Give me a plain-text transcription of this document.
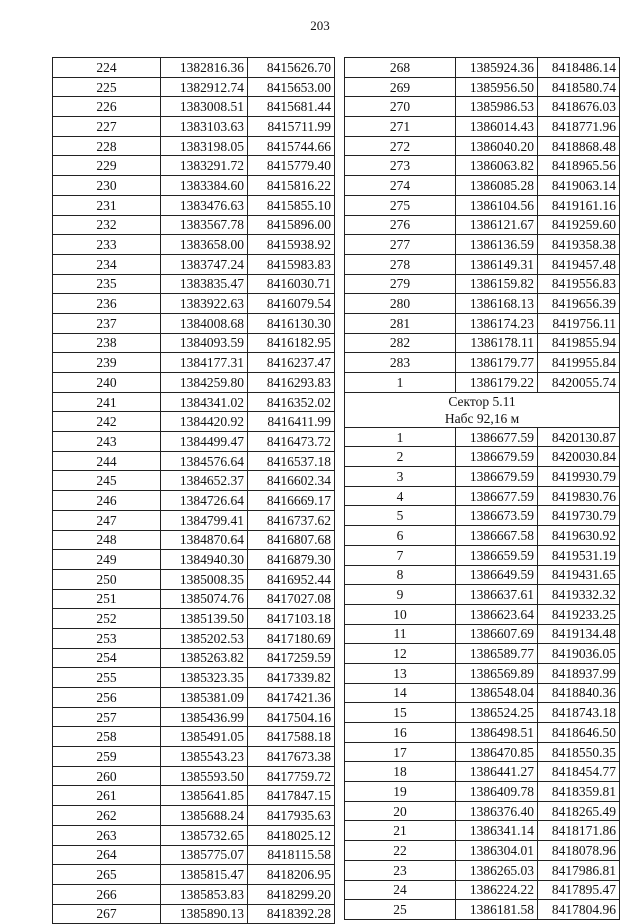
203
224	1382816.36	8415626.70
225	1382912.74	8415653.00
226	1383008.51	8415681.44
227	1383103.63	8415711.99
228	1383198.05	8415744.66
229	1383291.72	8415779.40
230	1383384.60	8415816.22
231	1383476.63	8415855.10
232	1383567.78	8415896.00
233	1383658.00	8415938.92
234	1383747.24	8415983.83
235	1383835.47	8416030.71
236	1383922.63	8416079.54
237	1384008.68	8416130.30
238	1384093.59	8416182.95
239	1384177.31	8416237.47
240	1384259.80	8416293.83
241	1384341.02	8416352.02
242	1384420.92	8416411.99
243	1384499.47	8416473.72
244	1384576.64	8416537.18
245	1384652.37	8416602.34
246	1384726.64	8416669.17
247	1384799.41	8416737.62
248	1384870.64	8416807.68
249	1384940.30	8416879.30
250	1385008.35	8416952.44
251	1385074.76	8417027.08
252	1385139.50	8417103.18
253	1385202.53	8417180.69
254	1385263.82	8417259.59
255	1385323.35	8417339.82
256	1385381.09	8417421.36
257	1385436.99	8417504.16
258	1385491.05	8417588.18
259	1385543.23	8417673.38
260	1385593.50	8417759.72
261	1385641.85	8417847.15
262	1385688.24	8417935.63
263	1385732.65	8418025.12
264	1385775.07	8418115.58
265	1385815.47	8418206.95
266	1385853.83	8418299.20
267	1385890.13	8418392.28
268	1385924.36	8418486.14
269	1385956.50	8418580.74
270	1385986.53	8418676.03
271	1386014.43	8418771.96
272	1386040.20	8418868.48
273	1386063.82	8418965.56
274	1386085.28	8419063.14
275	1386104.56	8419161.16
276	1386121.67	8419259.60
277	1386136.59	8419358.38
278	1386149.31	8419457.48
279	1386159.82	8419556.83
280	1386168.13	8419656.39
281	1386174.23	8419756.11
282	1386178.11	8419855.94
283	1386179.77	8419955.84
1	1386179.22	8420055.74

Сектор 5.11
Набс 92,16 м		

1	1386677.59	8420130.87
2	1386679.59	8420030.84
3	1386679.59	8419930.79
4	1386677.59	8419830.76
5	1386673.59	8419730.79
6	1386667.58	8419630.92
7	1386659.59	8419531.19
8	1386649.59	8419431.65
9	1386637.61	8419332.32
10	1386623.64	8419233.25
11	1386607.69	8419134.48
12	1386589.77	8419036.05
13	1386569.89	8418937.99
14	1386548.04	8418840.36
15	1386524.25	8418743.18
16	1386498.51	8418646.50
17	1386470.85	8418550.35
18	1386441.27	8418454.77
19	1386409.78	8418359.81
20	1386376.40	8418265.49
21	1386341.14	8418171.86
22	1386304.01	8418078.96
23	1386265.03	8417986.81
24	1386224.22	8417895.47
25	1386181.58	8417804.96
